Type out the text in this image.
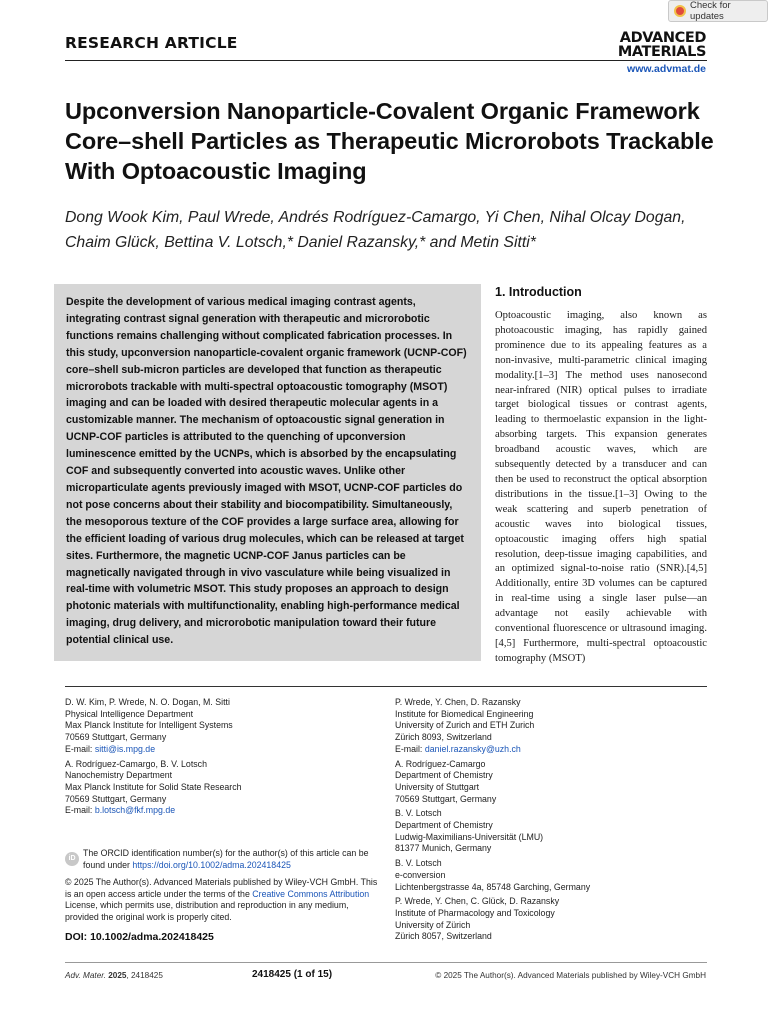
Check for updates
RESEARCH ARTICLE	ADVANCED
MATERIALS
www.advmat.de
Upconversion Nanoparticle-Covalent Organic Framework Core–shell Particles as Therapeutic Microrobots Trackable With Optoacoustic Imaging
Dong Wook Kim, Paul Wrede, Andrés Rodríguez-Camargo, Yi Chen, Nihal Olcay Dogan, Chaim Glück, Bettina V. Lotsch,* Daniel Razansky,* and Metin Sitti*

Despite the development of various medical imaging contrast agents, integrating contrast signal generation with therapeutic and microrobotic functions remains challenging without complicated fabrication processes. In this study, upconversion nanoparticle-covalent organic framework (UCNP-COF) core–shell sub-micron particles are developed that function as therapeutic microrobots trackable with multi-spectral optoacoustic tomography (MSOT) imaging and can be loaded with desired therapeutic molecular agents in a customizable manner. The mechanism of optoacoustic signal generation in UCNP-COF particles is attributed to the quenching of upconversion luminescence emitted by the UCNPs, which is absorbed by the encapsulating COF and subsequently converted into acoustic waves. Unlike other microparticulate agents previously imaged with MSOT, UCNP-COF particles do not pose concerns about their stability and biocompatibility. Simultaneously, the mesoporous texture of the COF provides a large surface area, allowing for the efficient loading of various drug molecules, which can be released at target sites. Furthermore, the magnetic UCNP-COF Janus particles can be magnetically navigated through in vivo vasculature while being visualized in real-time with volumetric MSOT. This study proposes an approach to design photonic materials with multifunctionality, enabling high-performance medical imaging, drug delivery, and microrobotic manipulation toward their future potential clinical use.

1. Introduction

Optoacoustic imaging, also known as photoacoustic imaging, has rapidly gained prominence due to its appealing features as a non-invasive, multi-parametric clinical imaging modality.[1–3] The method uses nanosecond near-infrared (NIR) optical pulses to irradiate target biological tissues or contrast agents, leading to thermoelastic expansion in the light-absorbing targets. This expansion generates broadband acoustic waves, which are subsequently detected by a transducer and can then be used to reconstruct the optical absorption distributions in the tissue.[1–3] Owing to the weak scattering and superb penetration of acoustic waves into biological tissues, optoacoustic imaging offers high spatial resolution, deep-tissue imaging capabilities, and an optimized signal-to-noise ratio (SNR).[4,5] Additionally, entire 3D volumes can be captured in real-time using a single laser pulse—an advantage not easily achievable with conventional fluorescence or ultrasound imaging.[4,5] Furthermore, multi-spectral optoacoustic tomography (MSOT)

D. W. Kim, P. Wrede, N. O. Dogan, M. Sitti
Physical Intelligence Department
Max Planck Institute for Intelligent Systems
70569 Stuttgart, Germany
E-mail: sitti@is.mpg.de
A. Rodríguez-Camargo, B. V. Lotsch
Nanochemistry Department
Max Planck Institute for Solid State Research
70569 Stuttgart, Germany
E-mail: b.lotsch@fkf.mpg.de
P. Wrede, Y. Chen, D. Razansky
Institute for Biomedical Engineering
University of Zurich and ETH Zurich
Zürich 8093, Switzerland
E-mail: daniel.razansky@uzh.ch
A. Rodríguez-Camargo
Department of Chemistry
University of Stuttgart
70569 Stuttgart, Germany
B. V. Lotsch
Department of Chemistry
Ludwig-Maximilians-Universität (LMU)
81377 Munich, Germany
B. V. Lotsch
e-conversion
Lichtenbergstrasse 4a, 85748 Garching, Germany
P. Wrede, Y. Chen, C. Glück, D. Razansky
Institute of Pharmacology and Toxicology
University of Zürich
Zürich 8057, Switzerland
iD
The ORCID identification number(s) for the author(s) of this article can be found under https://doi.org/10.1002/adma.202418425
© 2025 The Author(s). Advanced Materials published by Wiley-VCH GmbH. This is an open access article under the terms of the Creative Commons Attribution License, which permits use, distribution and reproduction in any medium, provided the original work is properly cited.
DOI: 10.1002/adma.202418425
Adv. Mater. 2025, 2418425	2418425 (1 of 15)	© 2025 The Author(s). Advanced Materials published by Wiley-VCH GmbH
